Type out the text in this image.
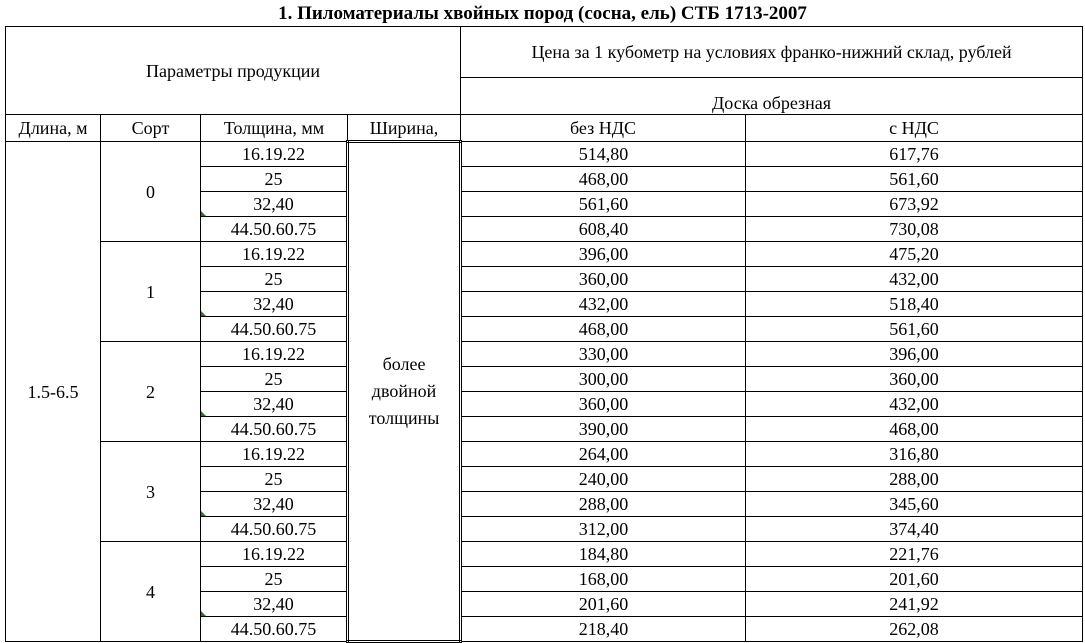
1. Пиломатериалы хвойных пород (сосна, ель) СТБ 1713-2007
Параметры продукции				Цена за 1 кубометр на условиях франко-нижний склад, рублей	
				Доска обрезная	
Длина, м	Сорт	Толщина, мм	Ширина,	без НДС	с НДС
1.5-6.5	0	16.19.22	более двойной толщины	514,80	617,76
		25		468,00	561,60
		32,40		561,60	673,92
		44.50.60.75		608,40	730,08
	1	16.19.22		396,00	475,20
		25		360,00	432,00
		32,40		432,00	518,40
		44.50.60.75		468,00	561,60
	2	16.19.22		330,00	396,00
		25		300,00	360,00
		32,40		360,00	432,00
		44.50.60.75		390,00	468,00
	3	16.19.22		264,00	316,80
		25		240,00	288,00
		32,40		288,00	345,60
		44.50.60.75		312,00	374,40
	4	16.19.22		184,80	221,76
		25		168,00	201,60
		32,40		201,60	241,92
		44.50.60.75		218,40	262,08
